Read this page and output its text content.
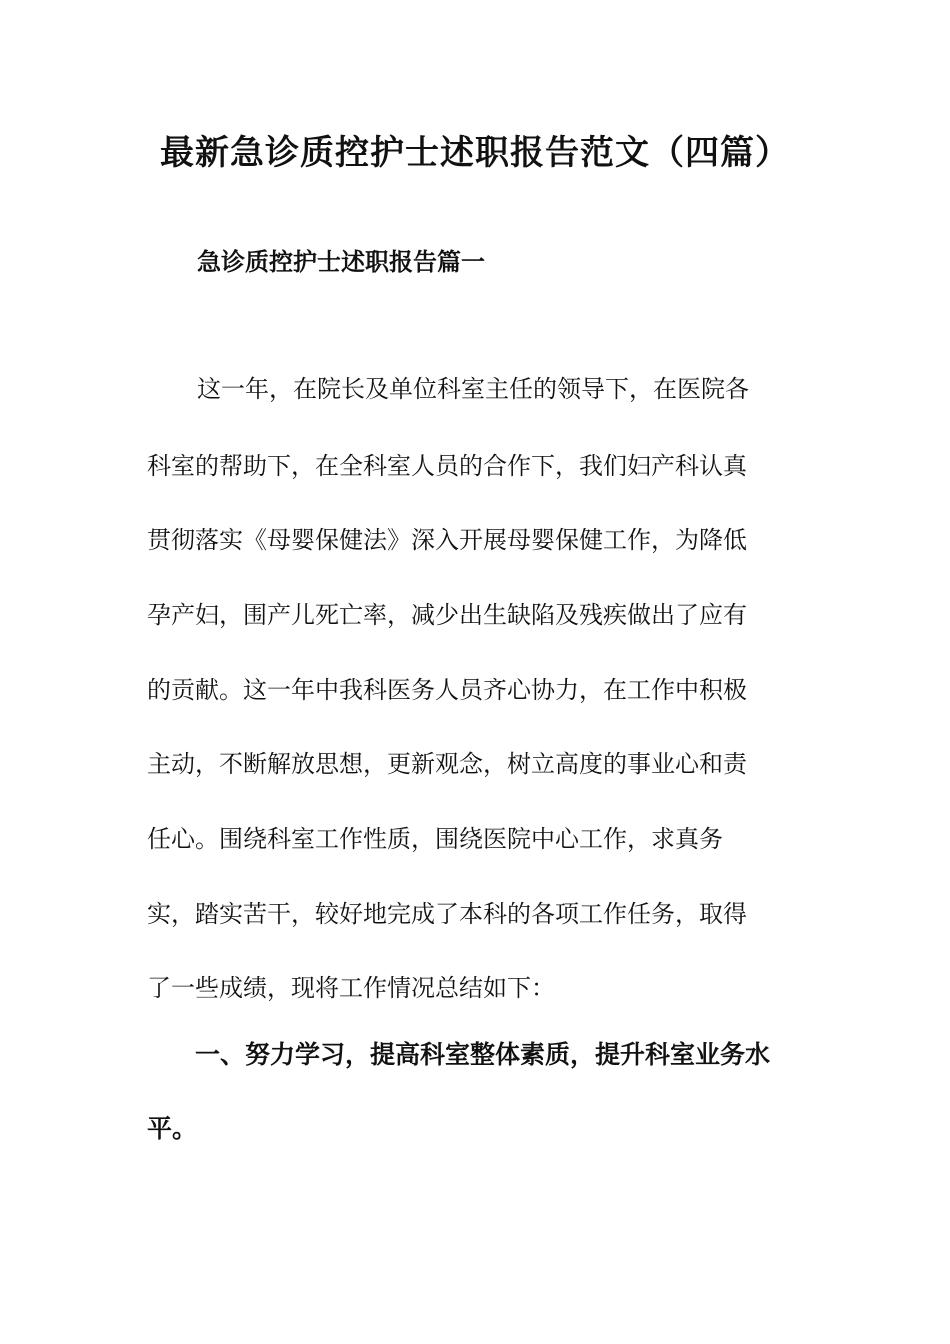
最新急诊质控护士述职报告范文（四篇）
急诊质控护士述职报告篇一

这一年，在院长及单位科室主任的领导下，在医院各

科室的帮助下，在全科室人员的合作下，我们妇产科认真

贯彻落实《母婴保健法》深入开展母婴保健工作，为降低

孕产妇，围产儿死亡率，减少出生缺陷及残疾做出了应有

的贡献。这一年中我科医务人员齐心协力，在工作中积极

主动，不断解放思想，更新观念，树立高度的事业心和责

任心。围绕科室工作性质，围绕医院中心工作，求真务

实，踏实苦干，较好地完成了本科的各项工作任务，取得

了一些成绩，现将工作情况总结如下：

一、努力学习，提高科室整体素质，提升科室业务水

平。
